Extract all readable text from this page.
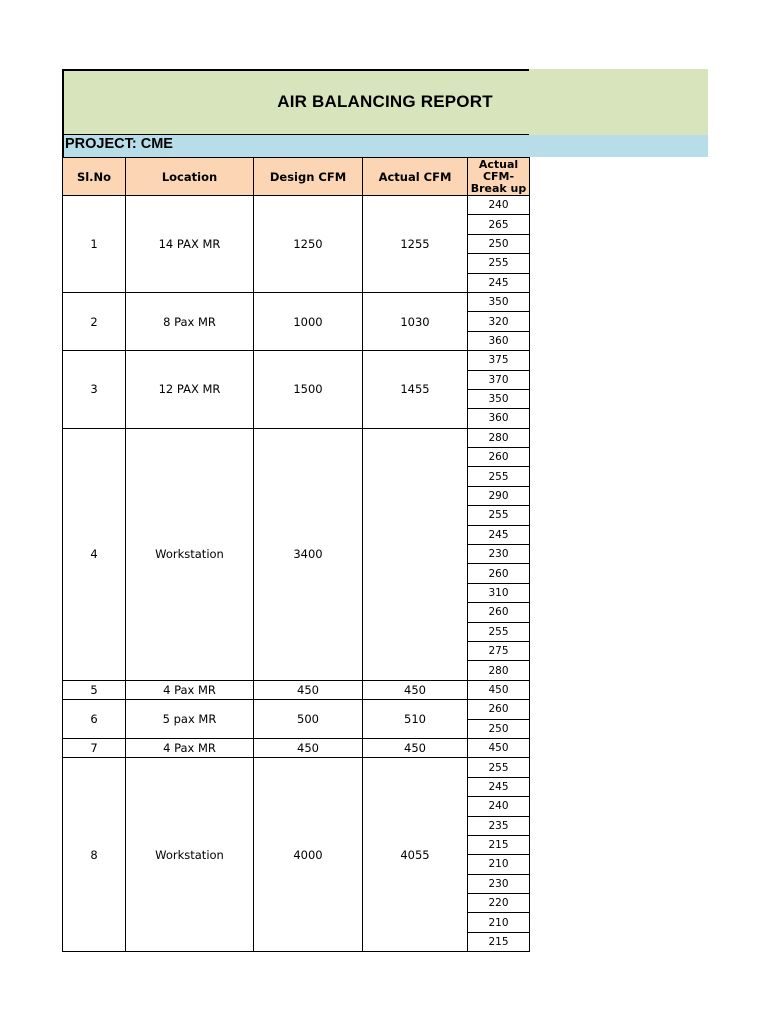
AIR BALANCING REPORT
PROJECT: CME
Sl.No	Location	Design CFM	Actual CFM	Actual CFM- Break up
1	14 PAX MR	1250	1255	240
				265
				250
				255
				245
2	8 Pax MR	1000	1030	350
				320
				360
3	12 PAX MR	1500	1455	375
				370
				350
				360
4	Workstation	3400		280
				260
				255
				290
				255
				245
				230
				260
				310
				260
				255
				275
				280
5	4 Pax MR	450	450	450
6	5 pax MR	500	510	260
				250
7	4 Pax MR	450	450	450
8	Workstation	4000	4055	255
				245
				240
				235
				215
				210
				230
				220
				210
				215
